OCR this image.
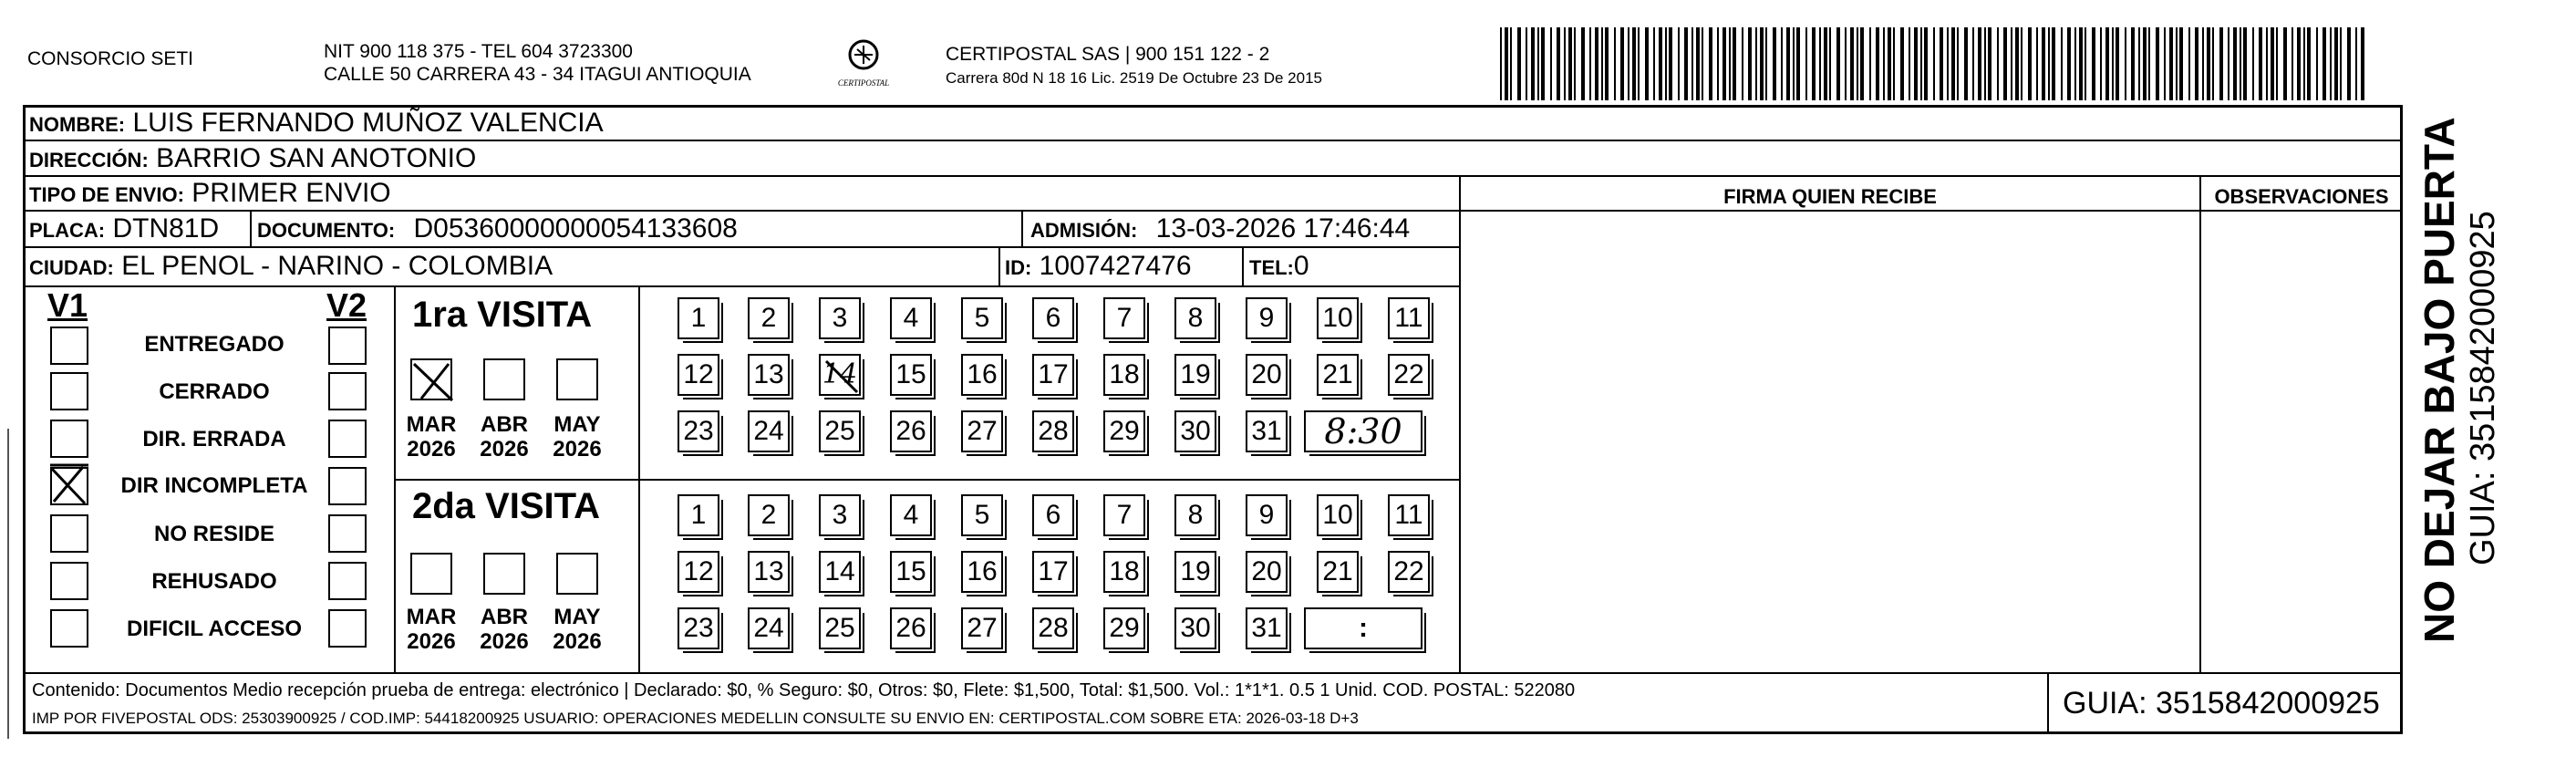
CONSORCIO SETI	NIT 900 118 375 - TEL 604 3723300
CALLE 50 CARRERA 43 - 34 ITAGUI ANTIOQUIA	CERTIPOSTAL
CERTIPOSTAL SAS | 900 151 122 - 2
Carrera 80d N 18 16 Lic. 2519 De Octubre 23 De 2015
NOMBRE: LUIS FERNANDO MUÑOZ VALENCIA
DIRECCIÓN: BARRIO SAN ANOTONIO
TIPO DE ENVIO: PRIMER ENVIO
PLACA: DTN81D DOCUMENTO: D05360000000054133608	ADMISIÓN: 13-03-2026 17:46:44
CIUDAD: EL PENOL - NARINO - COLOMBIA	ID: 1007427476	TEL:0
FIRMA QUIEN RECIBE	OBSERVACIONES
V1	V2
ENTREGADO
CERRADO
DIR. ERRADA
DIR INCOMPLETA
NO RESIDE
REHUSADO
DIFICIL ACCESO
1ra VISITA
MAR
2026
ABR
2026
MAY
2026
1	2	3	4	5	6	7	8	9	10 11
12 13 14 15 16 17 18 19 20 21 22
23 24 25 26 27 28 29 30 31	8:30
2da VISITA
MAR
2026
ABR
2026
MAY
2026
1	2	3	4	5	6	7	8	9	10 11
12 13 14 15 16 17 18 19 20 21 22
23 24 25 26 27 28 29 30 31	:
Contenido: Documentos Medio recepción prueba de entrega: electrónico | Declarado: $0, % Seguro: $0, Otros: $0, Flete: $1,500, Total: $1,500. Vol.: 1*1*1. 0.5 1 Unid. COD. POSTAL: 522080
IMP POR FIVEPOSTAL ODS: 25303900925 / COD.IMP: 54418200925 USUARIO: OPERACIONES MEDELLIN CONSULTE SU ENVIO EN: CERTIPOSTAL.COM SOBRE ETA: 2026-03-18 D+3	GUIA: 3515842000925
NO DEJAR BAJO PUERTA GUIA: 3515842000925
